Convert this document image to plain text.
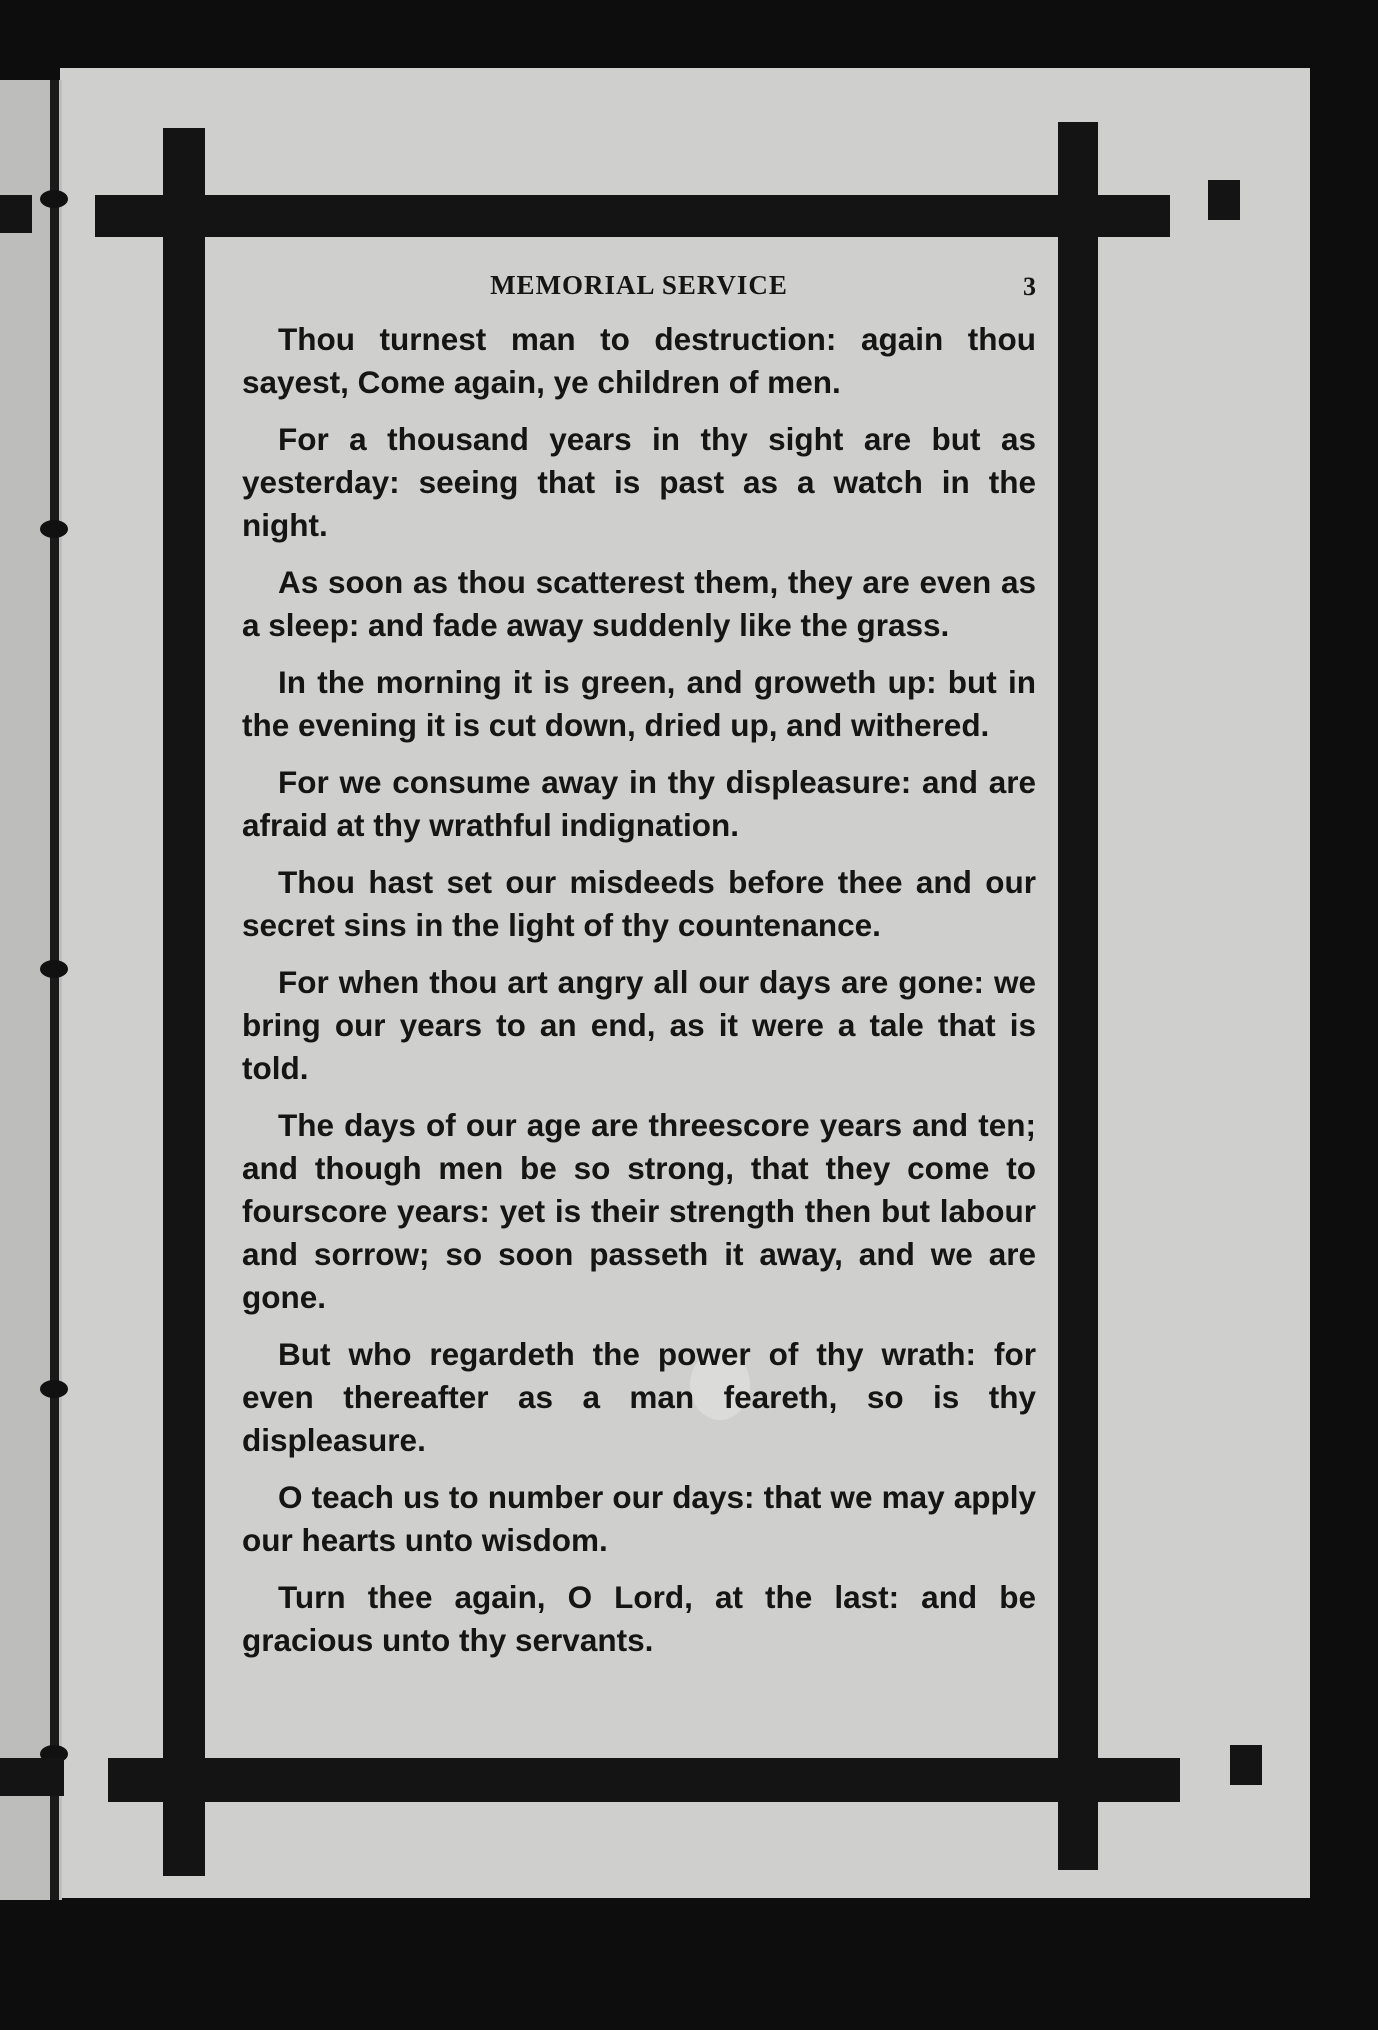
MEMORIAL SERVICE	3

Thou turnest man to destruction: again thou sayest, Come again, ye children of men.

For a thousand years in thy sight are but as yesterday: seeing that is past as a watch in the night.

As soon as thou scatterest them, they are even as a sleep: and fade away suddenly like the grass.

In the morning it is green, and groweth up: but in the evening it is cut down, dried up, and withered.

For we consume away in thy displeasure: and are afraid at thy wrathful indignation.

Thou hast set our misdeeds before thee and our secret sins in the light of thy countenance.

For when thou art angry all our days are gone: we bring our years to an end, as it were a tale that is told.

The days of our age are threescore years and ten; and though men be so strong, that they come to fourscore years: yet is their strength then but labour and sorrow; so soon passeth it away, and we are gone.

But who regardeth the power of thy wrath: for even thereafter as a man feareth, so is thy displeasure.

O teach us to number our days: that we may apply our hearts unto wisdom.

Turn thee again, O Lord, at the last: and be gracious unto thy servants.
